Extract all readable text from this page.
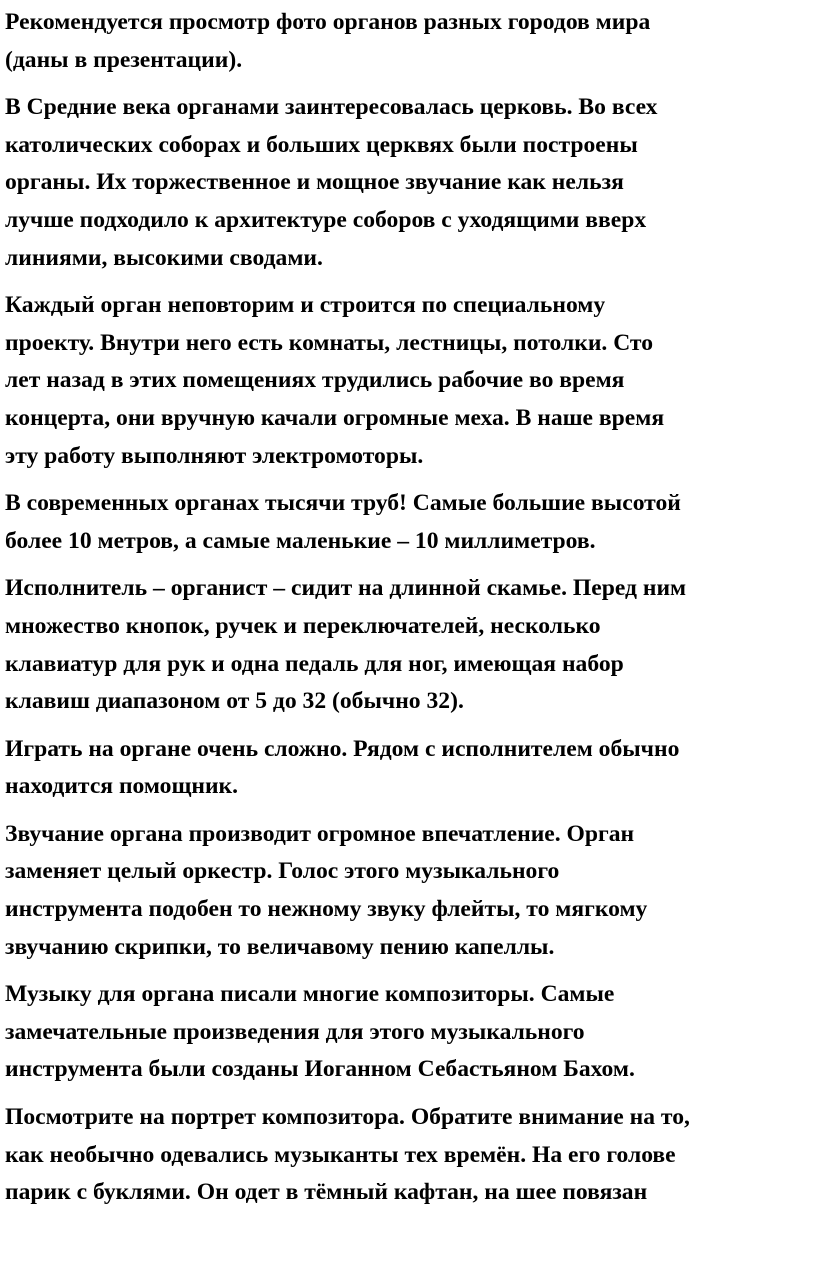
Рекомендуется просмотр фото органов разных городов мира
(даны в презентации).

В Средние века органами заинтересовалась церковь. Во всех
католических соборах и больших церквях были построены
органы. Их торжественное и мощное звучание как нельзя
лучше подходило к архитектуре соборов с уходящими вверх
линиями, высокими сводами.

Каждый орган неповторим и строится по специальному
проекту. Внутри него есть комнаты, лестницы, потолки. Сто
лет назад в этих помещениях трудились рабочие во время
концерта, они вручную качали огромные меха. В наше время
эту работу выполняют электромоторы.

В современных органах тысячи труб! Самые большие высотой
более 10 метров, а самые маленькие – 10 миллиметров.

Исполнитель – органист – сидит на длинной скамье. Перед ним
множество кнопок, ручек и переключателей, несколько
клавиатур для рук и одна педаль для ног, имеющая набор
клавиш диапазоном от 5 до 32 (обычно 32).

Играть на органе очень сложно. Рядом с исполнителем обычно
находится помощник.

Звучание органа производит огромное впечатление. Орган
заменяет целый оркестр. Голос этого музыкального
инструмента подобен то нежному звуку флейты, то мягкому
звучанию скрипки, то величавому пению капеллы.

Музыку для органа писали многие композиторы. Самые
замечательные произведения для этого музыкального
инструмента были созданы Иоганном Себастьяном Бахом.

Посмотрите на портрет композитора. Обратите внимание на то,
как необычно одевались музыканты тех времён. На его голове
парик с буклями. Он одет в тёмный кафтан, на шее повязан
